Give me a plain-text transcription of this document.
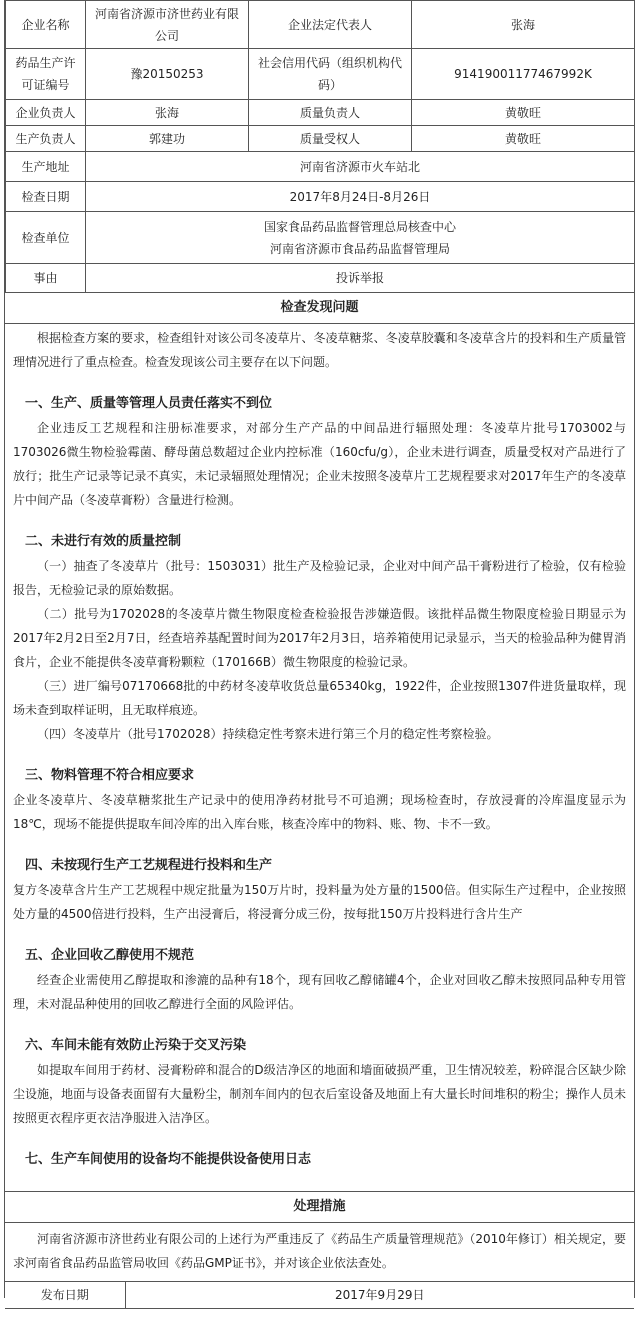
企业名称	河南省济源市济世药业有限公司	企业法定代表人	张海
药品生产许可证编号	豫20150253	社会信用代码（组织机构代码）	91419001177467992K
企业负责人	张海	质量负责人	黄敬旺
生产负责人	郭建功	质量受权人	黄敬旺
生产地址	河南省济源市火车站北		
检查日期	2017年8月24日-8月26日		
检查单位	国家食品药品监督管理总局核查中心
河南省济源市食品药品监督管理局		

事由	投诉举报		
检查发现问题

根据检查方案的要求，检查组针对该公司冬凌草片、冬凌草糖浆、冬凌草胶囊和冬凌草含片的投料和生产质量管理情况进行了重点检查。检查发现该公司主要存在以下问题。

一、生产、质量等管理人员责任落实不到位

企业违反工艺规程和注册标准要求，对部分生产产品的中间品进行辐照处理：冬凌草片批号1703002与1703026微生物检验霉菌、酵母菌总数超过企业内控标准（160cfu/g），企业未进行调查，质量受权对产品进行了放行；批生产记录等记录不真实，未记录辐照处理情况；企业未按照冬凌草片工艺规程要求对2017年生产的冬凌草片中间产品（冬凌草膏粉）含量进行检测。

二、未进行有效的质量控制

（一）抽查了冬凌草片（批号：1503031）批生产及检验记录，企业对中间产品干膏粉进行了检验，仅有检验报告，无检验记录的原始数据。

（二）批号为1702028的冬凌草片微生物限度检查检验报告涉嫌造假。该批样品微生物限度检验日期显示为2017年2月2日至2月7日，经查培养基配置时间为2017年2月3日，培养箱使用记录显示，当天的检验品种为健胃消食片，企业不能提供冬凌草膏粉颗粒（170166B）微生物限度的检验记录。

（三）进厂编号07170668批的中药材冬凌草收货总量65340kg，1922件，企业按照1307件进货量取样，现场未查到取样证明，且无取样痕迹。

（四）冬凌草片（批号1702028）持续稳定性考察未进行第三个月的稳定性考察检验。

三、物料管理不符合相应要求

企业冬凌草片、冬凌草糖浆批生产记录中的使用净药材批号不可追溯；现场检查时，存放浸膏的冷库温度显示为18℃，现场不能提供提取车间冷库的出入库台账，核查冷库中的物料、账、物、卡不一致。

四、未按现行生产工艺规程进行投料和生产

复方冬凌草含片生产工艺规程中规定批量为150万片时，投料量为处方量的1500倍。但实际生产过程中，企业按照处方量的4500倍进行投料，生产出浸膏后，将浸膏分成三份，按每批150万片投料进行含片生产

五、企业回收乙醇使用不规范

经查企业需使用乙醇提取和渗漉的品种有18个，现有回收乙醇储罐4个，企业对回收乙醇未按照同品种专用管理，未对混品种使用的回收乙醇进行全面的风险评估。

六、车间未能有效防止污染于交叉污染

如提取车间用于药材、浸膏粉碎和混合的D级洁净区的地面和墙面破损严重，卫生情况较差，粉碎混合区缺少除尘设施，地面与设备表面留有大量粉尘，制剂车间内的包衣后室设备及地面上有大量长时间堆积的粉尘；操作人员未按照更衣程序更衣洁净服进入洁净区。

七、生产车间使用的设备均不能提供设备使用日志

处理措施

河南省济源市济世药业有限公司的上述行为严重违反了《药品生产质量管理规范》（2010年修订）相关规定，要求河南省食品药品监管局收回《药品GMP证书》，并对该企业依法查处。

发布日期	2017年9月29日
